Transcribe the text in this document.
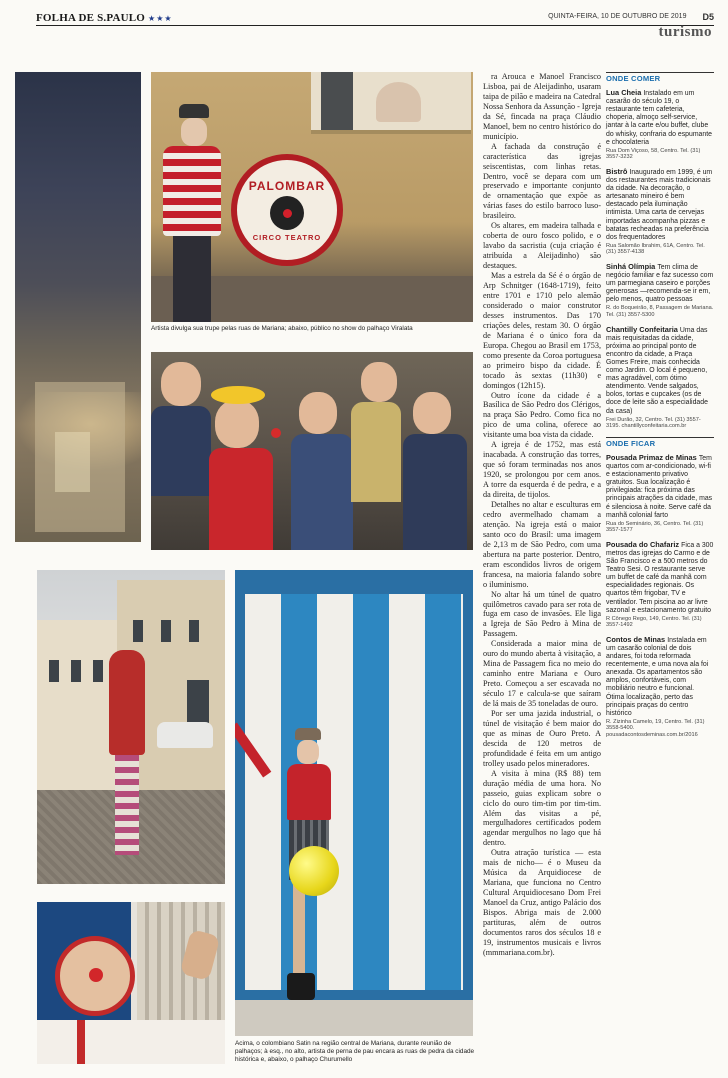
FOLHA DE S.PAULO ★★★	QUINTA-FEIRA, 10 DE OUTUBRO DE 2019 D5
turismo
PALOMBAR
CIRCO TEATRO
Artista divulga sua trupe pelas ruas de Mariana; abaixo, público no show do palhaço Viralata
Acima, o colombiano Satin na região central de Mariana, durante reunião de palhaços; à esq., no alto, artista de perna de pau encara as ruas de pedra da cidade histórica e, abaixo, o palhaço Churumello

ra Arouca e Manoel Francisco Lisboa, pai de Aleijadinho, usaram taipa de pilão e madeira na Catedral Nossa Senhora da Assunção - Igreja da Sé, fincada na praça Cláudio Manoel, bem no centro histórico do município.

A fachada da construção é característica das igrejas seiscentistas, com linhas retas. Dentro, você se depara com um preservado e importante conjunto de ornamentação que expõe as várias fases do estilo barroco luso-brasileiro.

Os altares, em madeira talhada e coberta de ouro fosco polido, e o lavabo da sacristia (cuja criação é atribuída a Aleijadinho) são destaques.

Mas a estrela da Sé é o órgão de Arp Schnitger (1648-1719), feito entre 1701 e 1710 pelo alemão considerado o maior construtor desses instrumentos. Das 170 criações deles, restam 30. O órgão de Mariana é o único fora da Europa. Chegou ao Brasil em 1753, como presente da Coroa portuguesa ao primeiro bispo da cidade. É tocado às sextas (11h30) e domingos (12h15).

Outro ícone da cidade é a Basílica de São Pedro dos Clérigos, na praça São Pedro. Como fica no pico de uma colina, oferece ao visitante uma boa vista da cidade.

A igreja é de 1752, mas está inacabada. A construção das torres, que só foram terminadas nos anos 1920, se prolongou por cem anos. A torre da esquerda é de pedra, e a da direita, de tijolos.

Detalhes no altar e esculturas em cedro avermelhado chamam a atenção. Na igreja está o maior santo oco do Brasil: uma imagem de 2,13 m de São Pedro, com uma abertura na parte posterior. Dentro, eram escondidos livros de origem francesa, na maioria falando sobre o iluminismo.

No altar há um túnel de quatro quilômetros cavado para ser rota de fuga em caso de invasões. Ele liga a Igreja de São Pedro à Mina de Passagem.

Considerada a maior mina de ouro do mundo aberta à visitação, a Mina de Passagem fica no meio do caminho entre Mariana e Ouro Preto. Começou a ser escavada no século 17 e calcula-se que saíram de lá mais de 35 toneladas de ouro.

Por ser uma jazida industrial, o túnel de visitação é bem maior do que as minas de Ouro Preto. A descida de 120 metros de profundidade é feita em um antigo trolley usado pelos mineradores.

A visita à mina (R$ 88) tem duração média de uma hora. No passeio, guias explicam sobre o ciclo do ouro tim-tim por tim-tim. Além das visitas a pé, mergulhadores certificados podem agendar mergulhos no lago que há dentro.

Outra atração turística — esta mais de nicho— é o Museu da Música da Arquidiocese de Mariana, que funciona no Centro Cultural Arquidiocesano Dom Frei Manoel da Cruz, antigo Palácio dos Bispos. Abriga mais de 2.000 partituras, além de outros documentos raros dos séculos 18 e 19, instrumentos musicais e livros (mmmariana.com.br).

ONDE COMER
Lua Cheia Instalado em um casarão do século 19, o restaurante tem cafeteria, choperia, almoço self-service, jantar à la carte e/ou buffet, clube do whisky, confraria do espumante e chocolateria
Rua Dom Viçoso, 58, Centro. Tel. (31) 3557-3232
Bistrô Inaugurado em 1999, é um dos restaurantes mais tradicionais da cidade. Na decoração, o artesanato mineiro é bem destacado pela iluminação intimista. Uma carta de cervejas importadas acompanha pizzas e batatas recheadas na preferência dos frequentadores
Rua Salomão Ibrahim, 61A, Centro. Tel. (31) 3557-4138
Sinhá Olímpia Tem clima de negócio familiar e faz sucesso com um parmegiana caseiro e porções generosas —recomenda-se ir em, pelo menos, quatro pessoas
R. do Boqueirão, 8, Passagem de Mariana. Tel. (31) 3557-5300
Chantilly Confeitaria Uma das mais requisitadas da cidade, próxima ao principal ponto de encontro da cidade, a Praça Gomes Freire, mais conhecida como Jardim. O local é pequeno, mas agradável, com ótimo atendimento. Vende salgados, bolos, tortas e cupcakes (os de doce de leite são a especialidade da casa)
Frei Durão, 32, Centro. Tel. (31) 3557-3195. chantillyconfeitaria.com.br
ONDE FICAR
Pousada Primaz de Minas Tem quartos com ar-condicionado, wi-fi e estacionamento privativo gratuitos. Sua localização é privilegiada: fica próxima das principais atrações da cidade, mas é silenciosa à noite. Serve café da manhã colonial farto
Rua do Seminário, 36, Centro. Tel. (31) 3557-1577
Pousada do Chafariz Fica a 300 metros das igrejas do Carmo e de São Francisco e a 500 metros do Teatro Sesi. O restaurante serve um buffet de café da manhã com especialidades regionais. Os quartos têm frigobar, TV e ventilador. Tem piscina ao ar livre sazonal e estacionamento gratuito
R Cônego Rego, 149, Centro. Tel. (31) 3557-1492
Contos de Minas Instalada em um casarão colonial de dois andares, foi toda reformada recentemente, e uma nova ala foi anexada. Os apartamentos são amplos, confortáveis, com mobiliário neutro e funcional. Ótima localização, perto das principais praças do centro histórico
R. Zizinha Camelo, 19, Centro. Tel. (31) 3558-5400. pousadacontosdeminas.com.br/2016
